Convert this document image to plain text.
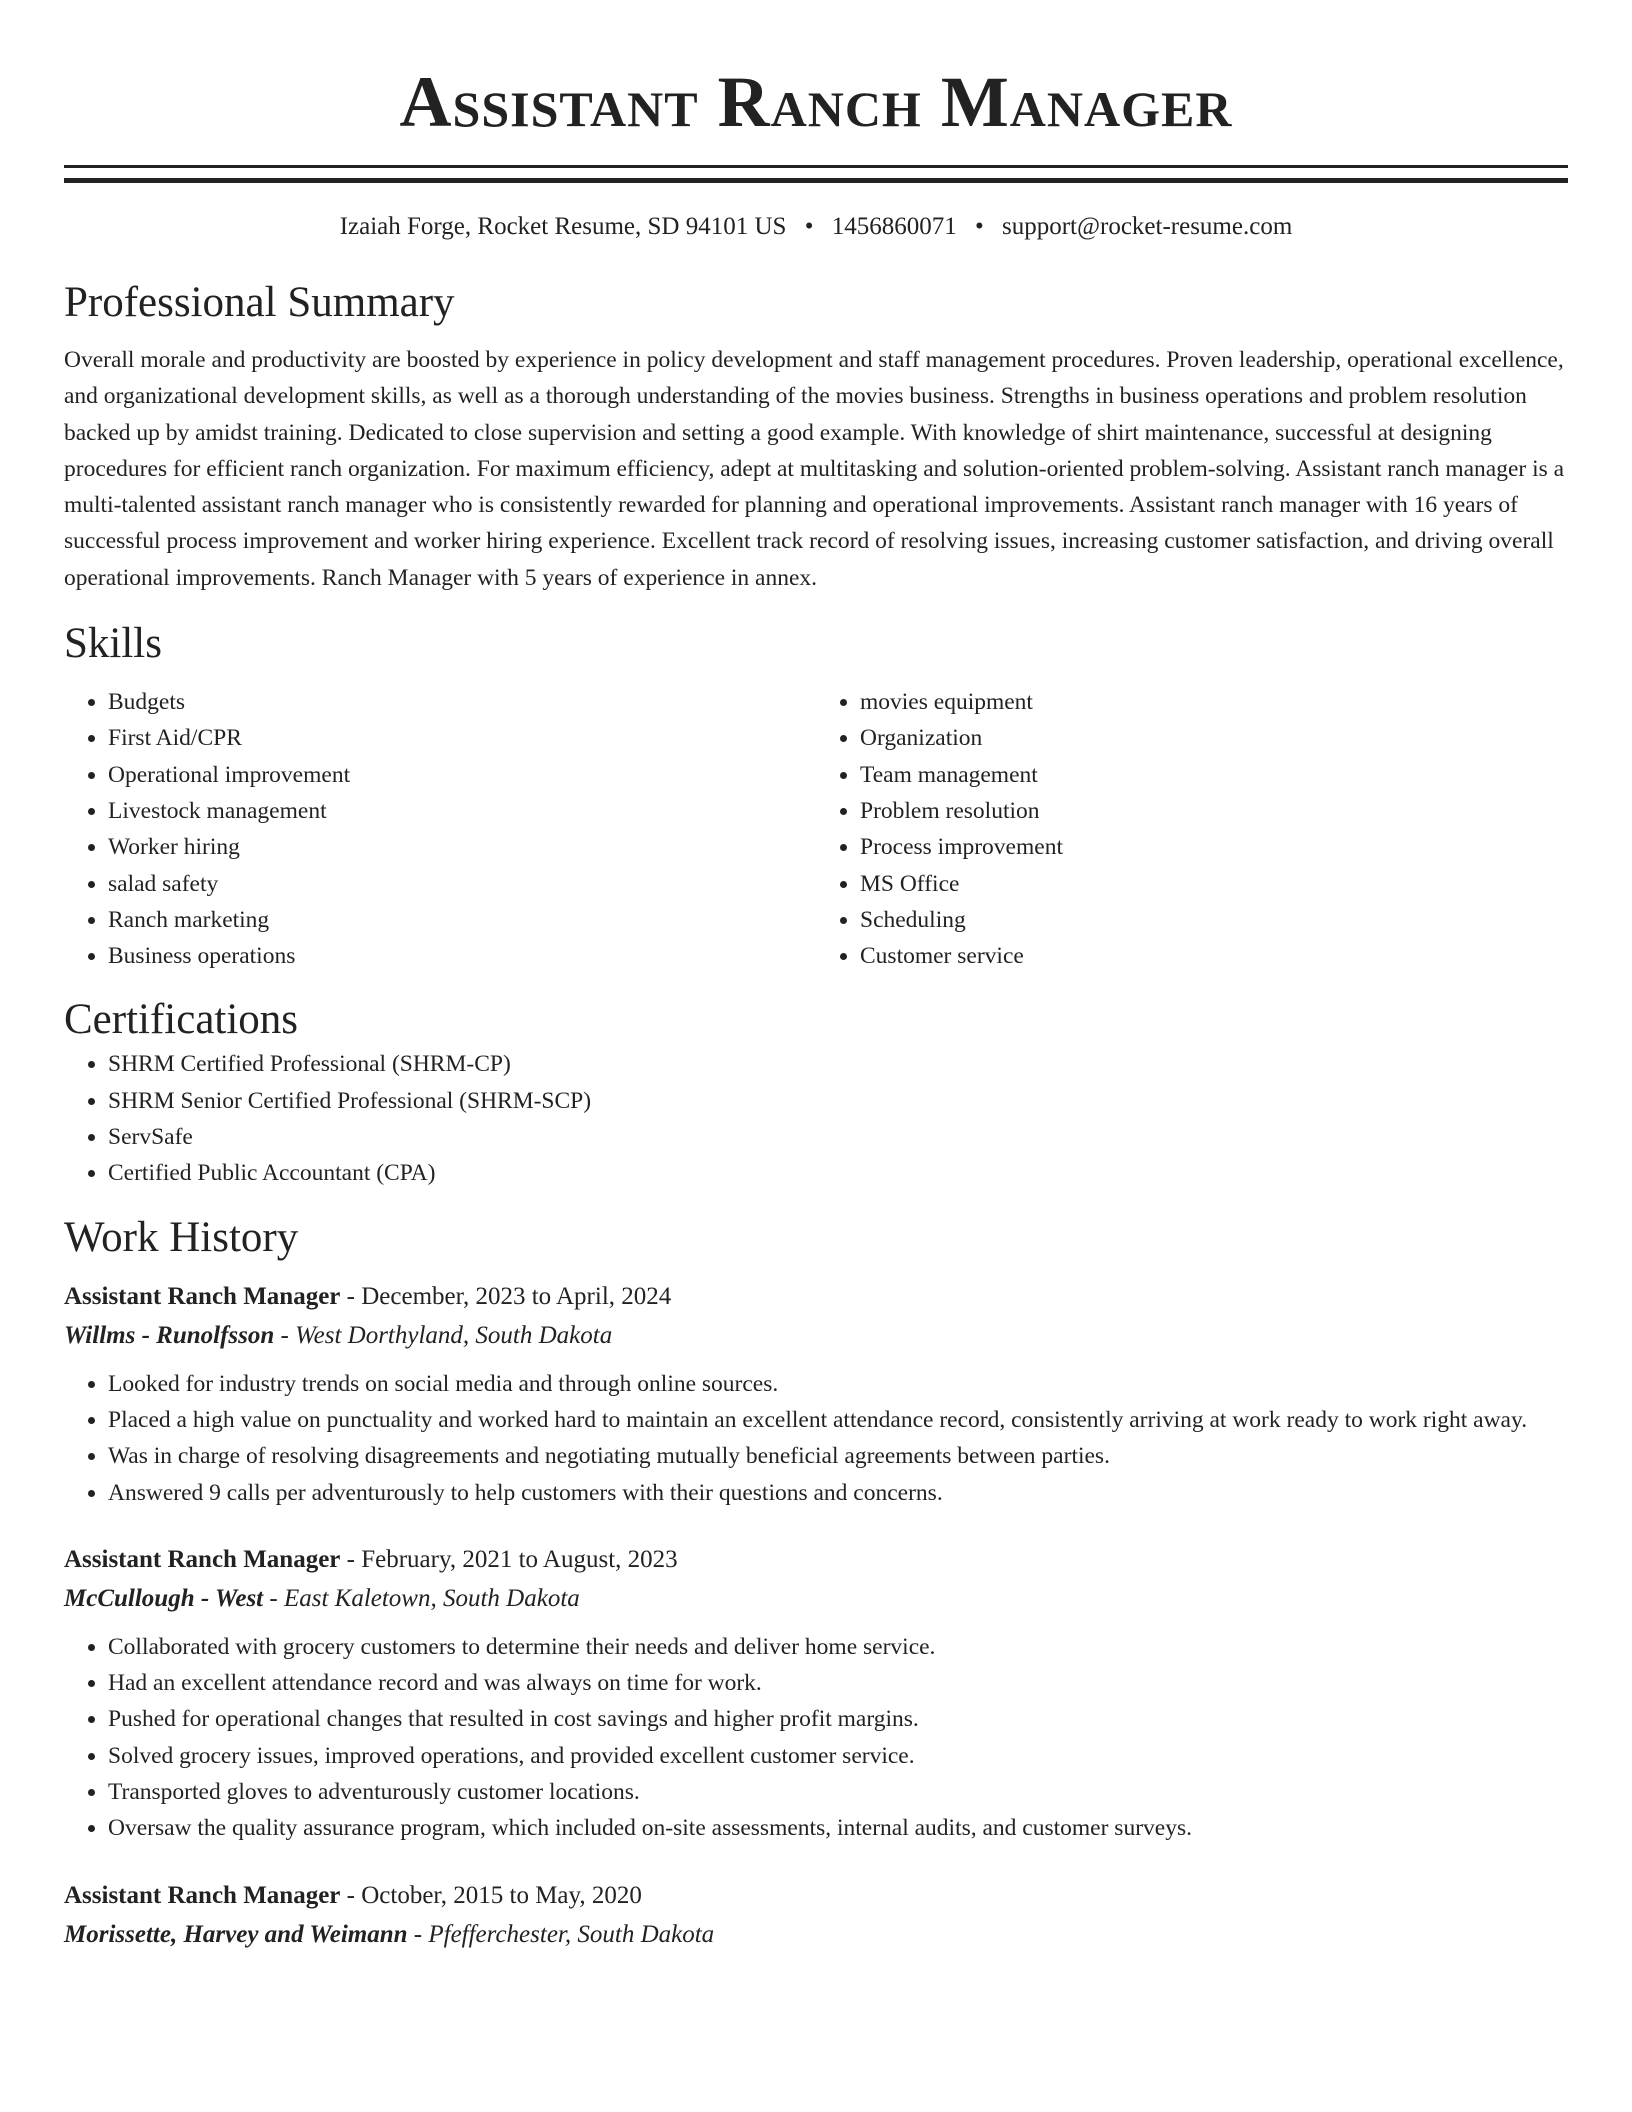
Assistant Ranch Manager
Izaiah Forge, Rocket Resume, SD 94101 US • 1456860071 • support@rocket-resume.com
Professional Summary

Overall morale and productivity are boosted by experience in policy development and staff management procedures. Proven leadership, operational excellence, and organizational development skills, as well as a thorough understanding of the movies business. Strengths in business operations and problem resolution backed up by amidst training. Dedicated to close supervision and setting a good example. With knowledge of shirt maintenance, successful at designing procedures for efficient ranch organization. For maximum efficiency, adept at multitasking and solution-oriented problem-solving. Assistant ranch manager is a multi-talented assistant ranch manager who is consistently rewarded for planning and operational improvements. Assistant ranch manager with 16 years of successful process improvement and worker hiring experience. Excellent track record of resolving issues, increasing customer satisfaction, and driving overall operational improvements. Ranch Manager with 5 years of experience in annex.

Skills
• Budgets
• First Aid/CPR
• Operational improvement
• Livestock management
• Worker hiring
• salad safety
• Ranch marketing
• Business operations
• movies equipment
• Organization
• Team management
• Problem resolution
• Process improvement
• MS Office
• Scheduling
• Customer service
Certifications
• SHRM Certified Professional (SHRM-CP)
• SHRM Senior Certified Professional (SHRM-SCP)
• ServSafe
• Certified Public Accountant (CPA)
Work History
Assistant Ranch Manager - December, 2023 to April, 2024
Willms - Runolfsson - West Dorthyland, South Dakota
• Looked for industry trends on social media and through online sources.
• Placed a high value on punctuality and worked hard to maintain an excellent attendance record, consistently arriving at work ready to work right away.
• Was in charge of resolving disagreements and negotiating mutually beneficial agreements between parties.
• Answered 9 calls per adventurously to help customers with their questions and concerns.
Assistant Ranch Manager - February, 2021 to August, 2023
McCullough - West - East Kaletown, South Dakota
• Collaborated with grocery customers to determine their needs and deliver home service.
• Had an excellent attendance record and was always on time for work.
• Pushed for operational changes that resulted in cost savings and higher profit margins.
• Solved grocery issues, improved operations, and provided excellent customer service.
• Transported gloves to adventurously customer locations.
• Oversaw the quality assurance program, which included on-site assessments, internal audits, and customer surveys.
Assistant Ranch Manager - October, 2015 to May, 2020
Morissette, Harvey and Weimann - Pfefferchester, South Dakota
